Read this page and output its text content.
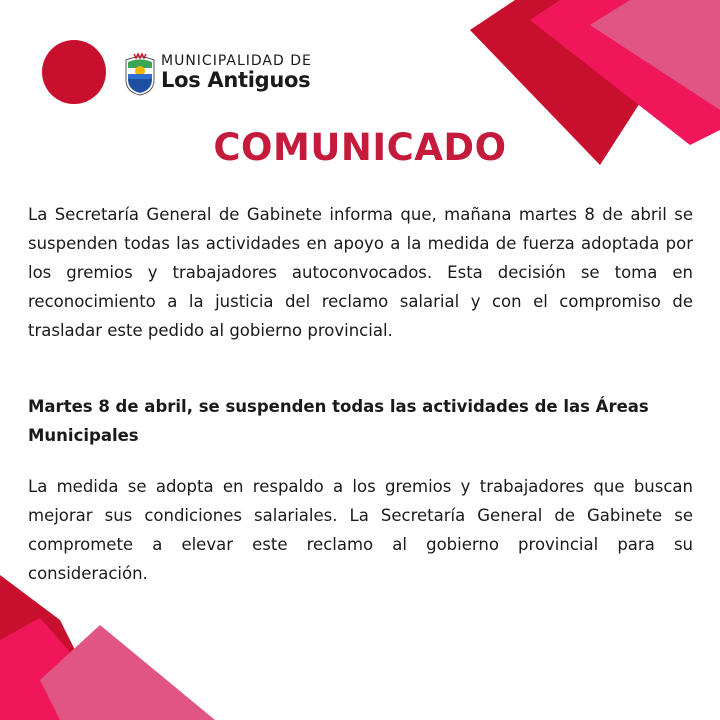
MUNICIPALIDAD DE
Los Antiguos
COMUNICADO

La Secretaría General de Gabinete informa que, mañana martes 8 de abril se suspenden todas las actividades en apoyo a la medida de fuerza adoptada por los gremios y trabajadores autoconvocados. Esta decisión se toma en reconocimiento a la justicia del reclamo salarial y con el compromiso de trasladar este pedido al gobierno provincial.

Martes 8 de abril, se suspenden todas las actividades de las Áreas Municipales

La medida se adopta en respaldo a los gremios y trabajadores que buscan mejorar sus condiciones salariales. La Secretaría General de Gabinete se compromete a elevar este reclamo al gobierno provincial para su consideración.
